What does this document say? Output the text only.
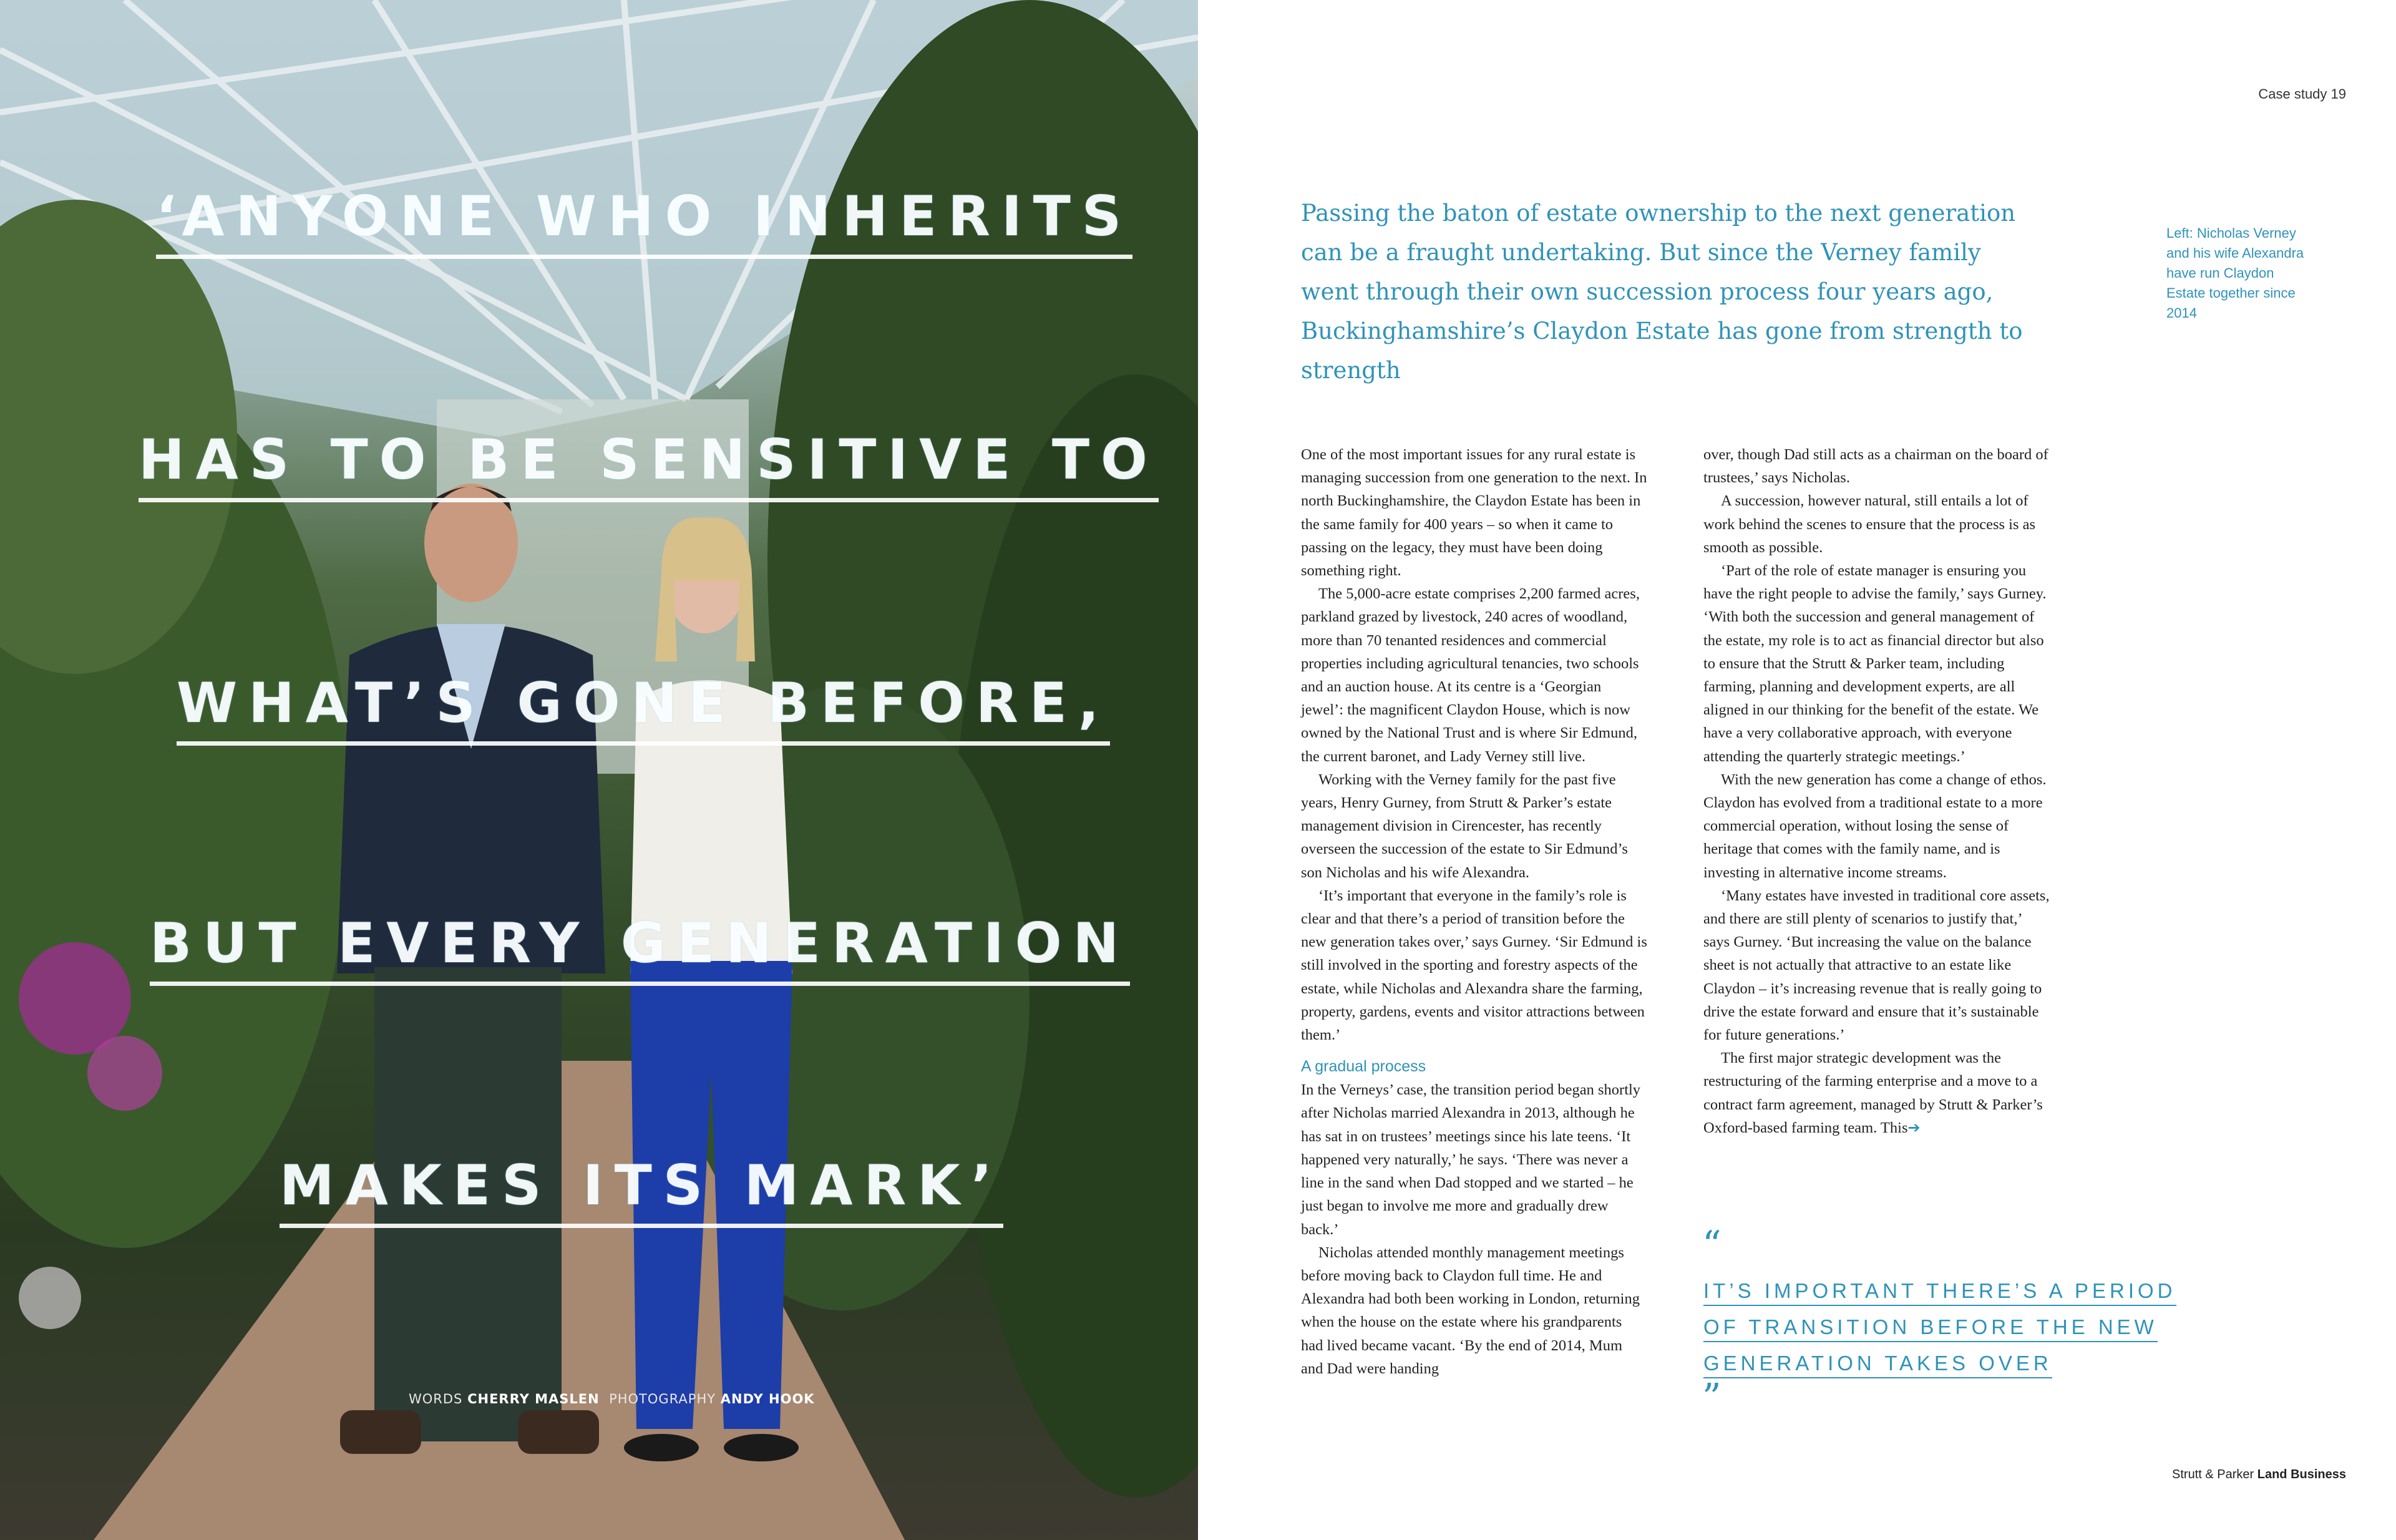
‘ANYONE WHO INHERITS
HAS TO BE SENSITIVE TO
WHAT’S GONE BEFORE,
BUT EVERY GENERATION
MAKES ITS MARK’
WORDS CHERRY MASLEN PHOTOGRAPHY ANDY HOOK
Case study 19
Passing the baton of estate ownership to the next generation can be a fraught undertaking. But since the Verney family went through their own succession process four years ago, Buckinghamshire’s Claydon Estate has gone from strength to strength
Left: Nicholas Verney and his wife Alexandra have run Claydon Estate together since 2014

One of the most important issues for any rural estate is managing succession from one generation to the next. In north Buckinghamshire, the Claydon Estate has been in the same family for 400 years – so when it came to passing on the legacy, they must have been doing something right.

The 5,000-acre estate comprises 2,200 farmed acres, parkland grazed by livestock, 240 acres of woodland, more than 70 tenanted residences and commercial properties including agricultural tenancies, two schools and an auction house. At its centre is a ‘Georgian jewel’: the magnificent Claydon House, which is now owned by the National Trust and is where Sir Edmund, the current baronet, and Lady Verney still live.

Working with the Verney family for the past five years, Henry Gurney, from Strutt & Parker’s estate management division in Cirencester, has recently overseen the succession of the estate to Sir Edmund’s son Nicholas and his wife Alexandra.

‘It’s important that everyone in the family’s role is clear and that there’s a period of transition before the new generation takes over,’ says Gurney. ‘Sir Edmund is still involved in the sporting and forestry aspects of the estate, while Nicholas and Alexandra share the farming, property, gardens, events and visitor attractions between them.’

A gradual process

In the Verneys’ case, the transition period began shortly after Nicholas married Alexandra in 2013, although he has sat in on trustees’ meetings since his late teens. ‘It happened very naturally,’ he says. ‘There was never a line in the sand when Dad stopped and we started – he just began to involve me more and gradually drew back.’

Nicholas attended monthly management meetings before moving back to Claydon full time. He and Alexandra had both been working in London, returning when the house on the estate where his grandparents had lived became vacant. ‘By the end of 2014, Mum and Dad were handing

over, though Dad still acts as a chairman on the board of trustees,’ says Nicholas.

A succession, however natural, still entails a lot of work behind the scenes to ensure that the process is as smooth as possible.

‘Part of the role of estate manager is ensuring you have the right people to advise the family,’ says Gurney. ‘With both the succession and general management of the estate, my role is to act as financial director but also to ensure that the Strutt & Parker team, including farming, planning and development experts, are all aligned in our thinking for the benefit of the estate. We have a very collaborative approach, with everyone attending the quarterly strategic meetings.’

With the new generation has come a change of ethos. Claydon has evolved from a traditional estate to a more commercial operation, without losing the sense of heritage that comes with the family name, and is investing in alternative income streams.

‘Many estates have invested in traditional core assets, and there are still plenty of scenarios to justify that,’ says Gurney. ‘But increasing the value on the balance sheet is not actually that attractive to an estate like Claydon – it’s increasing revenue that is really going to drive the estate forward and ensure that it’s sustainable for future generations.’

The first major strategic development was the restructuring of the farming enterprise and a move to a contract farm agreement, managed by Strutt & Parker’s Oxford-based farming team. This➔

“
IT’S IMPORTANT THERE’S A PERIOD
OF TRANSITION BEFORE THE NEW
GENERATION TAKES OVER
”
Strutt & Parker Land Business
